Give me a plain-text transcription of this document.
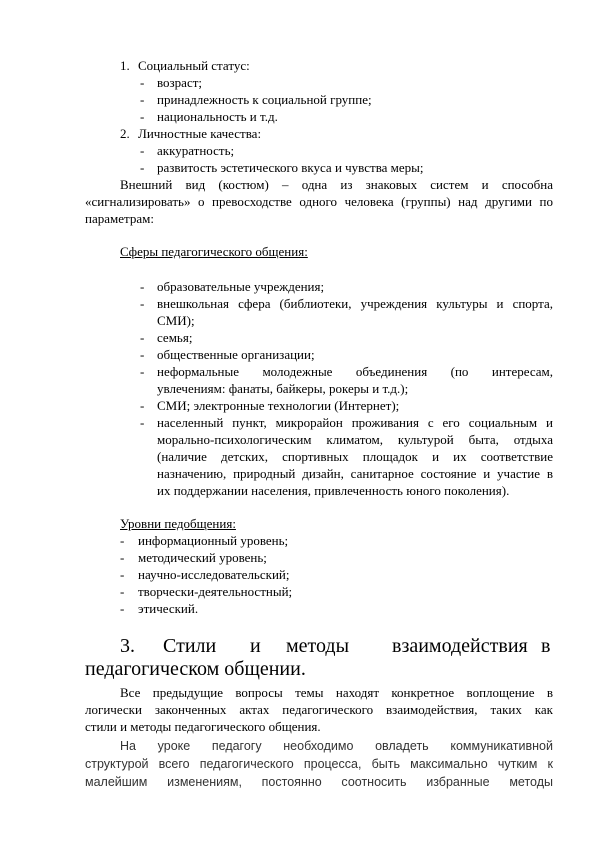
1. Социальный статус:
- возраст;
- принадлежность к социальной группе;
- национальность и т.д.
2. Личностные качества:
- аккуратность;
- развитость эстетического вкуса и чувства меры;
Внешний вид (костюм) – одна из знаковых систем и способна
«сигнализировать» о превосходстве одного человека (группы) над другими по
параметрам:
Сферы педагогического общения:
- образовательные учреждения;
- внешкольная сфера (библиотеки, учреждения культуры и спорта,
СМИ);
- семья;
- общественные организации;
- неформальные молодежные объединения (по интересам,
увлечениям: фанаты, байкеры, рокеры и т.д.);
- СМИ; электронные технологии (Интернет);
- населенный пункт, микрорайон проживания с его социальным и
морально-психологическим климатом, культурой быта, отдыха
(наличие детских, спортивных площадок и их соответствие
назначению, природный дизайн, санитарное состояние и участие в
их поддержании населения, привлеченность юного поколения).
Уровни педобщения:
- информационный уровень;
- методический уровень;
- научно-исследовательский;
- творчески-деятельностный;
- этический.
3. Стили и методы взаимодействия в
педагогическом общении.
Все предыдущие вопросы темы находят конкретное воплощение в
логически законченных актах педагогического взаимодействия, таких как
стили и методы педагогического общения.
На уроке педагогу необходимо овладеть коммуникативной
структурой всего педагогического процесса, быть максимально чутким к
малейшим изменениям, постоянно соотносить избранные методы
